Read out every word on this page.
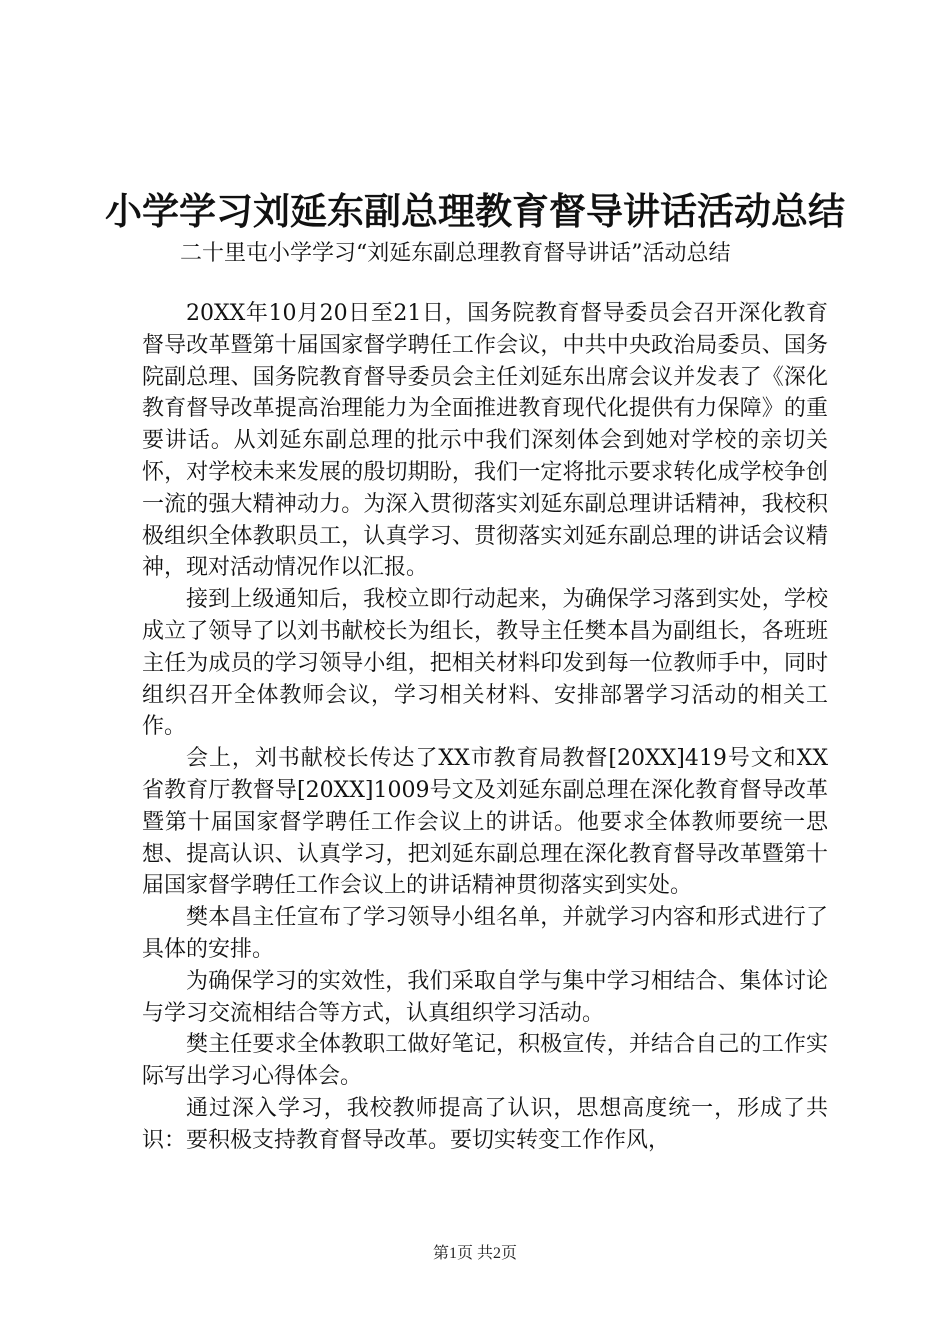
小学学习刘延东副总理教育督导讲话活动总结
二十里屯小学学习“刘延东副总理教育督导讲话”活动总结

20XX年10月20日至21日，国务院教育督导委员会召开深化教育督导改革暨第十届国家督学聘任工作会议，中共中央政治局委员、国务院副总理、国务院教育督导委员会主任刘延东出席会议并发表了《深化教育督导改革提高治理能力为全面推进教育现代化提供有力保障》的重要讲话。从刘延东副总理的批示中我们深刻体会到她对学校的亲切关怀，对学校未来发展的殷切期盼，我们一定将批示要求转化成学校争创一流的强大精神动力。为深入贯彻落实刘延东副总理讲话精神，我校积极组织全体教职员工，认真学习、贯彻落实刘延东副总理的讲话会议精神，现对活动情况作以汇报。

接到上级通知后，我校立即行动起来，为确保学习落到实处，学校成立了领导了以刘书献校长为组长，教导主任樊本昌为副组长，各班班主任为成员的学习领导小组，把相关材料印发到每一位教师手中，同时组织召开全体教师会议，学习相关材料、安排部署学习活动的相关工作。

会上，刘书献校长传达了XX市教育局教督[20XX]419号文和XX省教育厅教督导[20XX]1009号文及刘延东副总理在深化教育督导改革暨第十届国家督学聘任工作会议上的讲话。他要求全体教师要统一思想、提高认识、认真学习，把刘延东副总理在深化教育督导改革暨第十届国家督学聘任工作会议上的讲话精神贯彻落实到实处。

樊本昌主任宣布了学习领导小组名单，并就学习内容和形式进行了具体的安排。

为确保学习的实效性，我们采取自学与集中学习相结合、集体讨论与学习交流相结合等方式，认真组织学习活动。

樊主任要求全体教职工做好笔记，积极宣传，并结合自己的工作实际写出学习心得体会。

通过深入学习，我校教师提高了认识，思想高度统一，形成了共识：要积极支持教育督导改革。要切实转变工作作风，

第1页 共2页
